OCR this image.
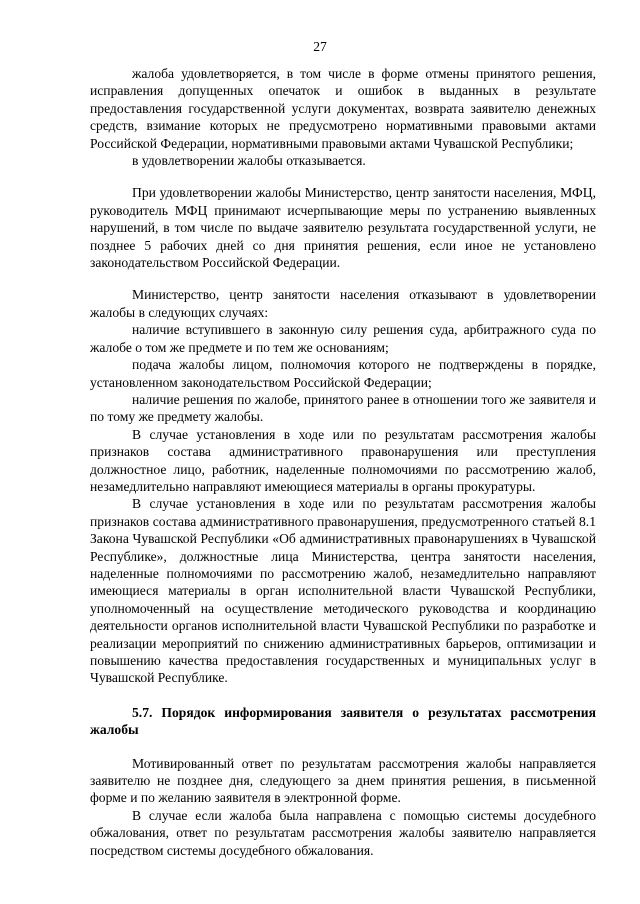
27

жалоба удовлетворяется, в том числе в форме отмены принятого решения, исправления допущенных опечаток и ошибок в выданных в результате предоставления государственной услуги документах, возврата заявителю денежных средств, взимание которых не предусмотрено нормативными правовыми актами Российской Федерации, нормативными правовыми актами Чувашской Республики;

в удовлетворении жалобы отказывается.

При удовлетворении жалобы Министерство, центр занятости населения, МФЦ, руководитель МФЦ принимают исчерпывающие меры по устранению выявленных нарушений, в том числе по выдаче заявителю результата государственной услуги, не позднее 5 рабочих дней со дня принятия решения, если иное не установлено законодательством Российской Федерации.

Министерство, центр занятости населения отказывают в удовлетворении жалобы в следующих случаях:

наличие вступившего в законную силу решения суда, арбитражного суда по жалобе о том же предмете и по тем же основаниям;

подача жалобы лицом, полномочия которого не подтверждены в порядке, установленном законодательством Российской Федерации;

наличие решения по жалобе, принятого ранее в отношении того же заявителя и по тому же предмету жалобы.

В случае установления в ходе или по результатам рассмотрения жалобы признаков состава административного правонарушения или преступления должностное лицо, работник, наделенные полномочиями по рассмотрению жалоб, незамедлительно направляют имеющиеся материалы в органы прокуратуры.

В случае установления в ходе или по результатам рассмотрения жалобы признаков состава административного правонарушения, предусмотренного статьей 8.1 Закона Чувашской Республики «Об административных правонарушениях в Чувашской Республике», должностные лица Министерства, центра занятости населения, наделенные полномочиями по рассмотрению жалоб, незамедлительно направляют имеющиеся материалы в орган исполнительной власти Чувашской Республики, уполномоченный на осуществление методического руководства и координацию деятельности органов исполнительной власти Чувашской Республики по разработке и реализации мероприятий по снижению административных барьеров, оптимизации и повышению качества предоставления государственных и муниципальных услуг в Чувашской Республике.

5.7. Порядок информирования заявителя о результатах рассмотрения жалобы

Мотивированный ответ по результатам рассмотрения жалобы направляется заявителю не позднее дня, следующего за днем принятия решения, в письменной форме и по желанию заявителя в электронной форме.

В случае если жалоба была направлена с помощью системы досудебного обжалования, ответ по результатам рассмотрения жалобы заявителю направляется посредством системы досудебного обжалования.
